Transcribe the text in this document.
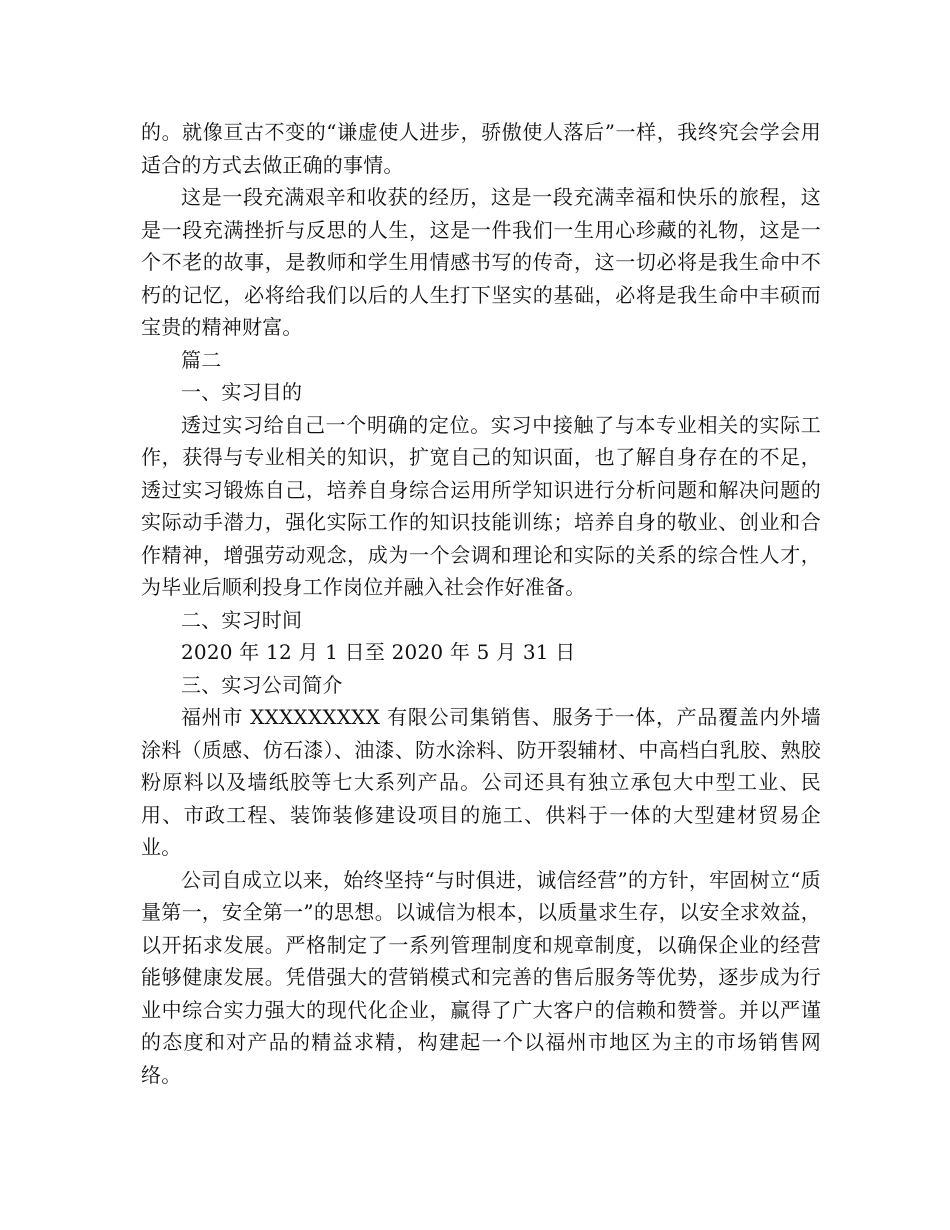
的。就像亘古不变的“谦虚使人进步，骄傲使人落后”一样，我终究会学会用适合的方式去做正确的事情。

这是一段充满艰辛和收获的经历，这是一段充满幸福和快乐的旅程，这是一段充满挫折与反思的人生，这是一件我们一生用心珍藏的礼物，这是一个不老的故事，是教师和学生用情感书写的传奇，这一切必将是我生命中不朽的记忆，必将给我们以后的人生打下坚实的基础，必将是我生命中丰硕而宝贵的精神财富。

篇二

一、实习目的

透过实习给自己一个明确的定位。实习中接触了与本专业相关的实际工作，获得与专业相关的知识，扩宽自己的知识面，也了解自身存在的不足，透过实习锻炼自己，培养自身综合运用所学知识进行分析问题和解决问题的实际动手潜力，强化实际工作的知识技能训练；培养自身的敬业、创业和合作精神，增强劳动观念，成为一个会调和理论和实际的关系的综合性人才，为毕业后顺利投身工作岗位并融入社会作好准备。

二、实习时间

2020 年 12 月 1 日至 2020 年 5 月 31 日

三、实习公司简介

福州市 XXXXXXXXX 有限公司集销售、服务于一体，产品覆盖内外墙涂料（质感、仿石漆）、油漆、防水涂料、防开裂辅材、中高档白乳胶、熟胶粉原料以及墙纸胶等七大系列产品。公司还具有独立承包大中型工业、民用、市政工程、装饰装修建设项目的施工、供料于一体的大型建材贸易企业。

公司自成立以来，始终坚持“与时俱进，诚信经营”的方针，牢固树立“质量第一，安全第一”的思想。以诚信为根本，以质量求生存，以安全求效益，以开拓求发展。严格制定了一系列管理制度和规章制度，以确保企业的经营能够健康发展。凭借强大的营销模式和完善的售后服务等优势，逐步成为行业中综合实力强大的现代化企业，赢得了广大客户的信赖和赞誉。并以严谨的态度和对产品的精益求精，构建起一个以福州市地区为主的市场销售网络。
